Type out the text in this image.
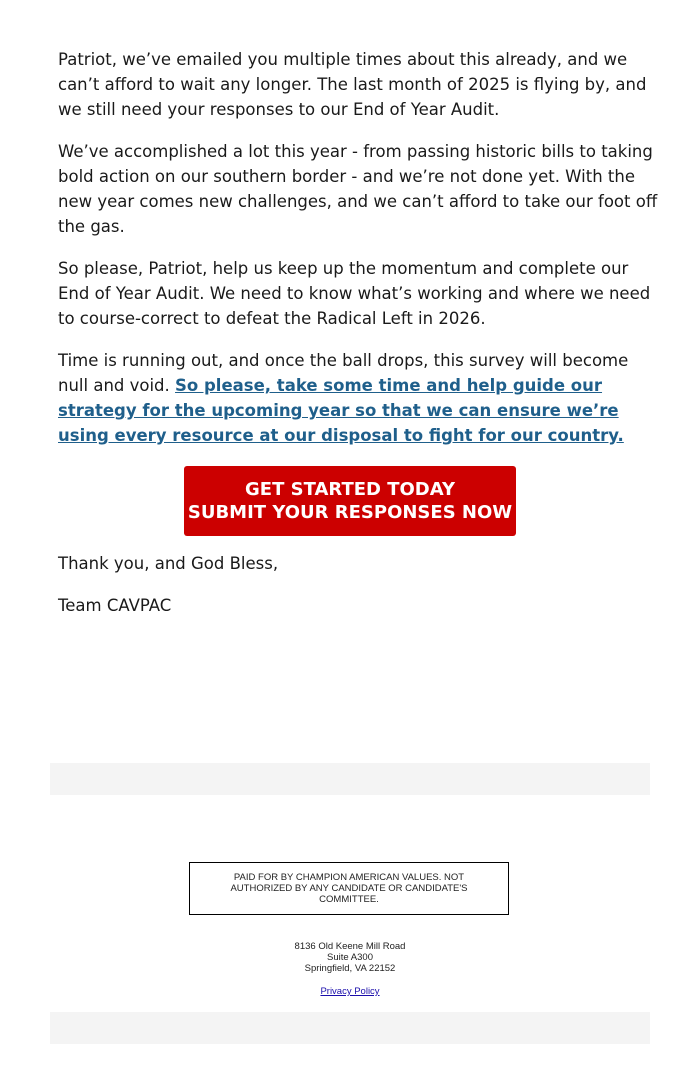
Patriot, we’ve emailed you multiple times about this already, and we can’t afford to wait any longer. The last month of 2025 is flying by, and we still need your responses to our End of Year Audit.

We’ve accomplished a lot this year - from passing historic bills to taking bold action on our southern border - and we’re not done yet. With the new year comes new challenges, and we can’t afford to take our foot off the gas.

So please, Patriot, help us keep up the momentum and complete our End of Year Audit. We need to know what’s working and where we need to course-correct to defeat the Radical Left in 2026.

Time is running out, and once the ball drops, this survey will become null and void. So please, take some time and help guide our strategy for the upcoming year so that we can ensure we’re using every resource at our disposal to fight for our country.

GET STARTED TODAY
SUBMIT YOUR RESPONSES NOW

Thank you, and God Bless,

Team CAVPAC

PAID FOR BY CHAMPION AMERICAN VALUES. NOT AUTHORIZED BY ANY CANDIDATE OR CANDIDATE'S COMMITTEE.
8136 Old Keene Mill Road
Suite A300
Springfield, VA 22152
Privacy Policy
